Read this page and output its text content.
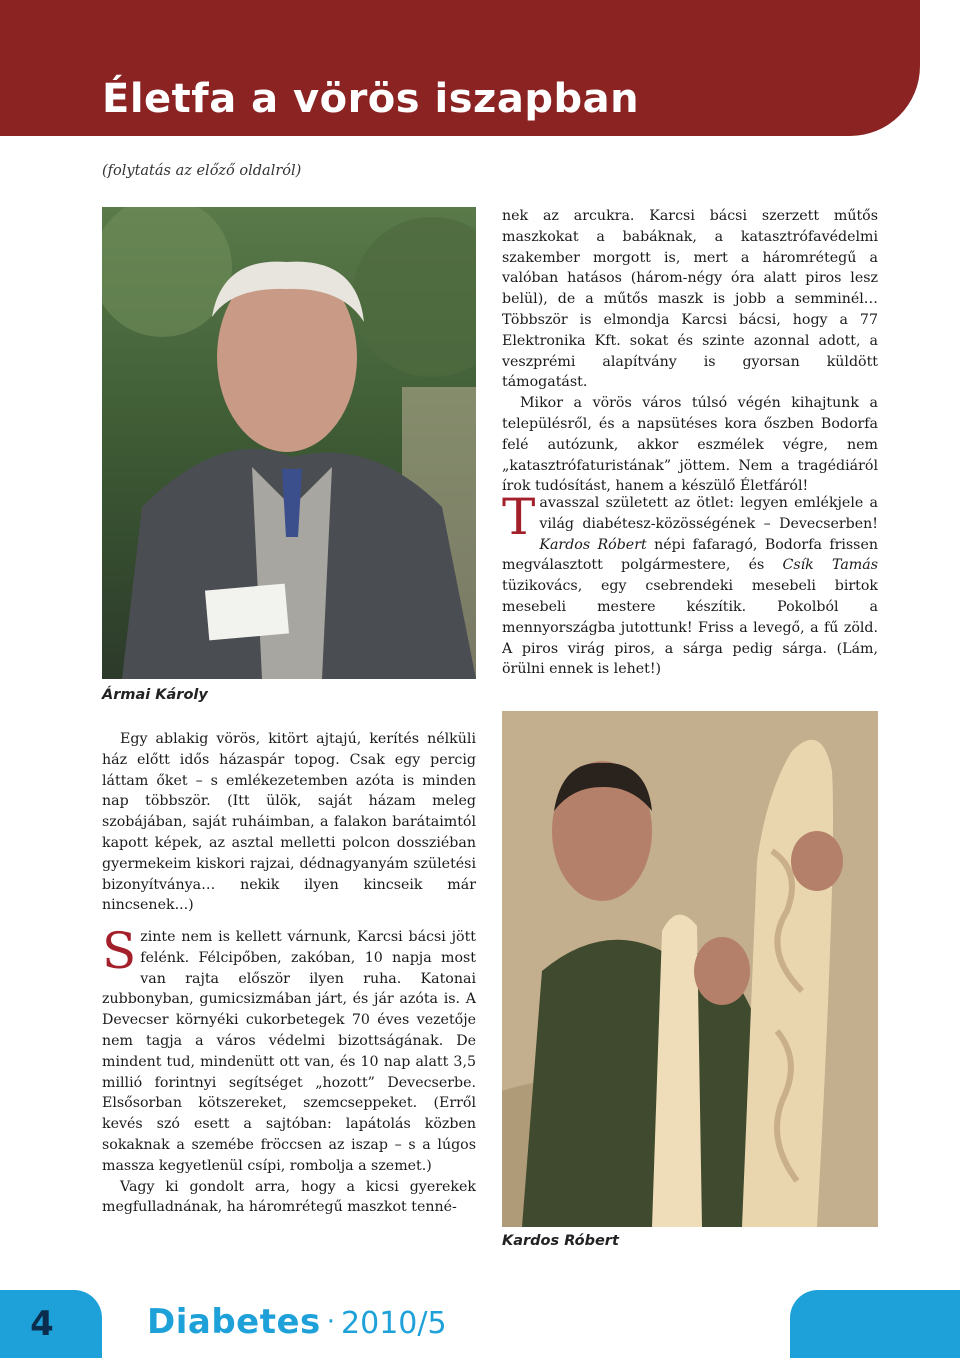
Életfa a vörös iszapban
(folytatás az előző oldalról)
Ármai Károly

nek az arcukra. Karcsi bácsi szerzett műtős maszkokat a babáknak, a katasztrófavédelmi szakember morgott is, mert a háromrétegű a valóban hatásos (három-négy óra alatt piros lesz belül), de a műtős maszk is jobb a semminél… Többször is elmondja Karcsi bácsi, hogy a 77 Elektronika Kft. sokat és szinte azonnal adott, a veszprémi alapítvány is gyorsan küldött támogatást.

Mikor a vörös város túlsó végén kihajtunk a településről, és a napsütéses kora őszben Bodorfa felé autózunk, akkor eszmélek végre, nem „katasztrófaturistának” jöttem. Nem a tragédiáról írok tudósítást, hanem a készülő Életfáról!

T avasszal született az ötlet: legyen emlékjele a világ diabétesz-közösségének – Devecserben! Kardos Róbert népi fafaragó, Bodorfa frissen megválasztott polgármestere, és Csík Tamás tüzikovács, egy csebrendeki mesebeli birtok mesebeli mestere készítik. Pokolból a mennyországba jutottunk! Friss a levegő, a fű zöld. A piros virág piros, a sárga pedig sárga. (Lám, örülni ennek is lehet!)

Kardos Róbert

Egy ablakig vörös, kitört ajtajú, kerítés nélküli ház előtt idős házaspár topog. Csak egy percig láttam őket – s emlékezetemben azóta is minden nap többször. (Itt ülök, saját házam meleg szobájában, saját ruháimban, a falakon barátaimtól kapott képek, az asztal melletti polcon dossziéban gyermekeim kiskori rajzai, dédnagyanyám születési bizonyítványa… nekik ilyen kincseik már nincsenek...)

S zinte nem is kellett várnunk, Karcsi bácsi jött felénk. Félcipőben, zakóban, 10 napja most van rajta először ilyen ruha. Katonai zubbonyban, gumicsizmában járt, és jár azóta is. A Devecser környéki cukorbetegek 70 éves vezetője nem tagja a város védelmi bizottságának. De mindent tud, mindenütt ott van, és 10 nap alatt 3,5 millió forintnyi segítséget „hozott” Devecserbe. Elsősorban kötszereket, szemcseppeket. (Erről kevés szó esett a sajtóban: lapátolás közben sokaknak a szemébe fröccsen az iszap – s a lúgos massza kegyetlenül csípi, rombolja a szemet.)

Vagy ki gondolt arra, hogy a kicsi gyerekek megfulladnának, ha háromrétegű maszkot tenné-

4	Diabetes · 2010/5
